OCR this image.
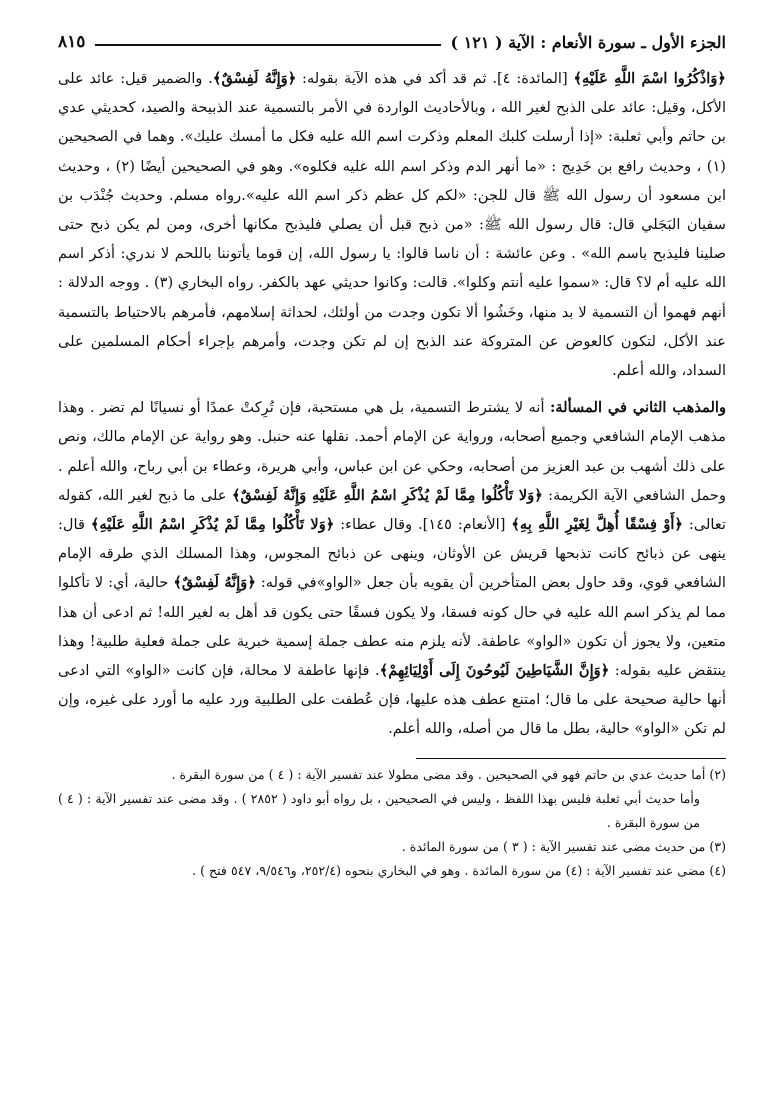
الجزء الأول ـ سورة الأنعام : الآية ( ١٢١ )
٨١٥

﴿وَاذْكُرُوا اسْمَ اللَّهِ عَلَيْهِ﴾ [المائدة: ٤]. ثم قد أكد في هذه الآية بقوله: ﴿وَإِنَّهُ لَفِسْقٌ﴾. والضمير قيل: عائد على الأكل، وقيل: عائد على الذبح لغير الله ، وبالأحاديث الواردة في الأمر بالتسمية عند الذبيحة والصيد، كحديثي عدي بن حاتم وأبي ثعلبة: «إذا أرسلت كلبك المعلم وذكرت اسم الله عليه فكل ما أمسك عليك». وهما في الصحيحين (١) ، وحديث رافع بن خَدِيج : «ما أنهر الدم وذكر اسم الله عليه فكلوه». وهو في الصحيحين أيضًا (٢) ، وحديث ابن مسعود أن رسول الله ﷺ قال للجن: «لكم كل عظم ذكر اسم الله عليه».رواه مسلم. وحديث جُنْدَب بن سفيان البَجَلي قال: قال رسول الله ﷺ: «من ذبح قبل أن يصلي فليذبح مكانها أخرى، ومن لم يكن ذبح حتى صلينا فليذبح باسم الله» . وعن عائشة : أن ناسا قالوا: يا رسول الله، إن قوما يأتوننا باللحم لا ندري: أذكر اسم الله عليه أم لا؟ قال: «سموا عليه أنتم وكلوا». قالت: وكانوا حديثي عهد بالكفر. رواه البخاري (٣) . ووجه الدلالة : أنهم فهموا أن التسمية لا بد منها، وخَشُوا ألا تكون وجدت من أولئك، لحداثة إسلامهم، فأمرهم بالاحتياط بالتسمية عند الأكل، لتكون كالعوض عن المتروكة عند الذبح إن لم تكن وجدت، وأمرهم بإجراء أحكام المسلمين على السداد، والله أعلم.

والمذهب الثاني في المسألة: أنه لا يشترط التسمية، بل هي مستحبة، فإن تُرِكتْ عمدًا أو نسيانًا لم تضر . وهذا مذهب الإمام الشافعي وجميع أصحابه، ورواية عن الإمام أحمد. نقلها عنه حنبل. وهو رواية عن الإمام مالك، ونص على ذلك أشهب بن عبد العزيز من أصحابه، وحكي عن ابن عباس، وأبي هريرة، وعطاء بن أبي رباح، والله أعلم . وحمل الشافعي الآية الكريمة: ﴿وَلا تَأْكُلُوا مِمَّا لَمْ يُذْكَرِ اسْمُ اللَّهِ عَلَيْهِ وَإِنَّهُ لَفِسْقٌ﴾ على ما ذبح لغير الله، كقوله تعالى: ﴿أَوْ فِسْقًا أُهِلَّ لِغَيْرِ اللَّهِ بِهِ﴾ [الأنعام: ١٤٥]. وقال عطاء: ﴿وَلا تَأْكُلُوا مِمَّا لَمْ يُذْكَرِ اسْمُ اللَّهِ عَلَيْهِ﴾ قال: ينهى عن ذبائح كانت تذبحها قريش عن الأوثان، وينهى عن ذبائح المجوس، وهذا المسلك الذي طرقه الإمام الشافعي قوي، وقد حاول بعض المتأخرين أن يقويه بأن جعل «الواو»في قوله: ﴿وَإِنَّهُ لَفِسْقٌ﴾ حالية، أي: لا تأكلوا مما لم يذكر اسم الله عليه في حال كونه فسقا، ولا يكون فسقًا حتى يكون قد أهل به لغير الله! ثم ادعى أن هذا متعين، ولا يجوز أن تكون «الواو» عاطفة. لأنه يلزم منه عطف جملة إسمية خبرية على جملة فعلية طلبية! وهذا ينتقض عليه بقوله: ﴿وَإِنَّ الشَّيَاطِينَ لَيُوحُونَ إِلَى أَوْلِيَائِهِمْ﴾. فإنها عاطفة لا محالة، فإن كانت «الواو» التي ادعى أنها حالية صحيحة على ما قال؛ امتنع عطف هذه عليها، فإن عُطفت على الطلبية ورد عليه ما أورد على غيره، وإن لم تكن «الواو» حالية، بطل ما قال من أصله، والله أعلم.

(٢) أما حديث عدي بن حاتم فهو في الصحيحين . وقد مضى مطولا عند تفسير الآية : ( ٤ ) من سورة البقرة .

وأما حديث أبي ثعلبة فليس بهذا اللفظ ، وليس في الصحيحين ، بل رواه أبو داود ( ٢٨٥٢ ) . وقد مضى عند تفسير الآية : ( ٤ ) من سورة البقرة .

(٣) من حديث مضى عند تفسير الآية : ( ٣ ) من سورة المائدة .

(٤) مضى عند تفسير الآية : (٤) من سورة المائدة . وهو في البخاري بنحوه (٢٥٢/٤، و٩/٥٤٦، ٥٤٧ فتح ) .
